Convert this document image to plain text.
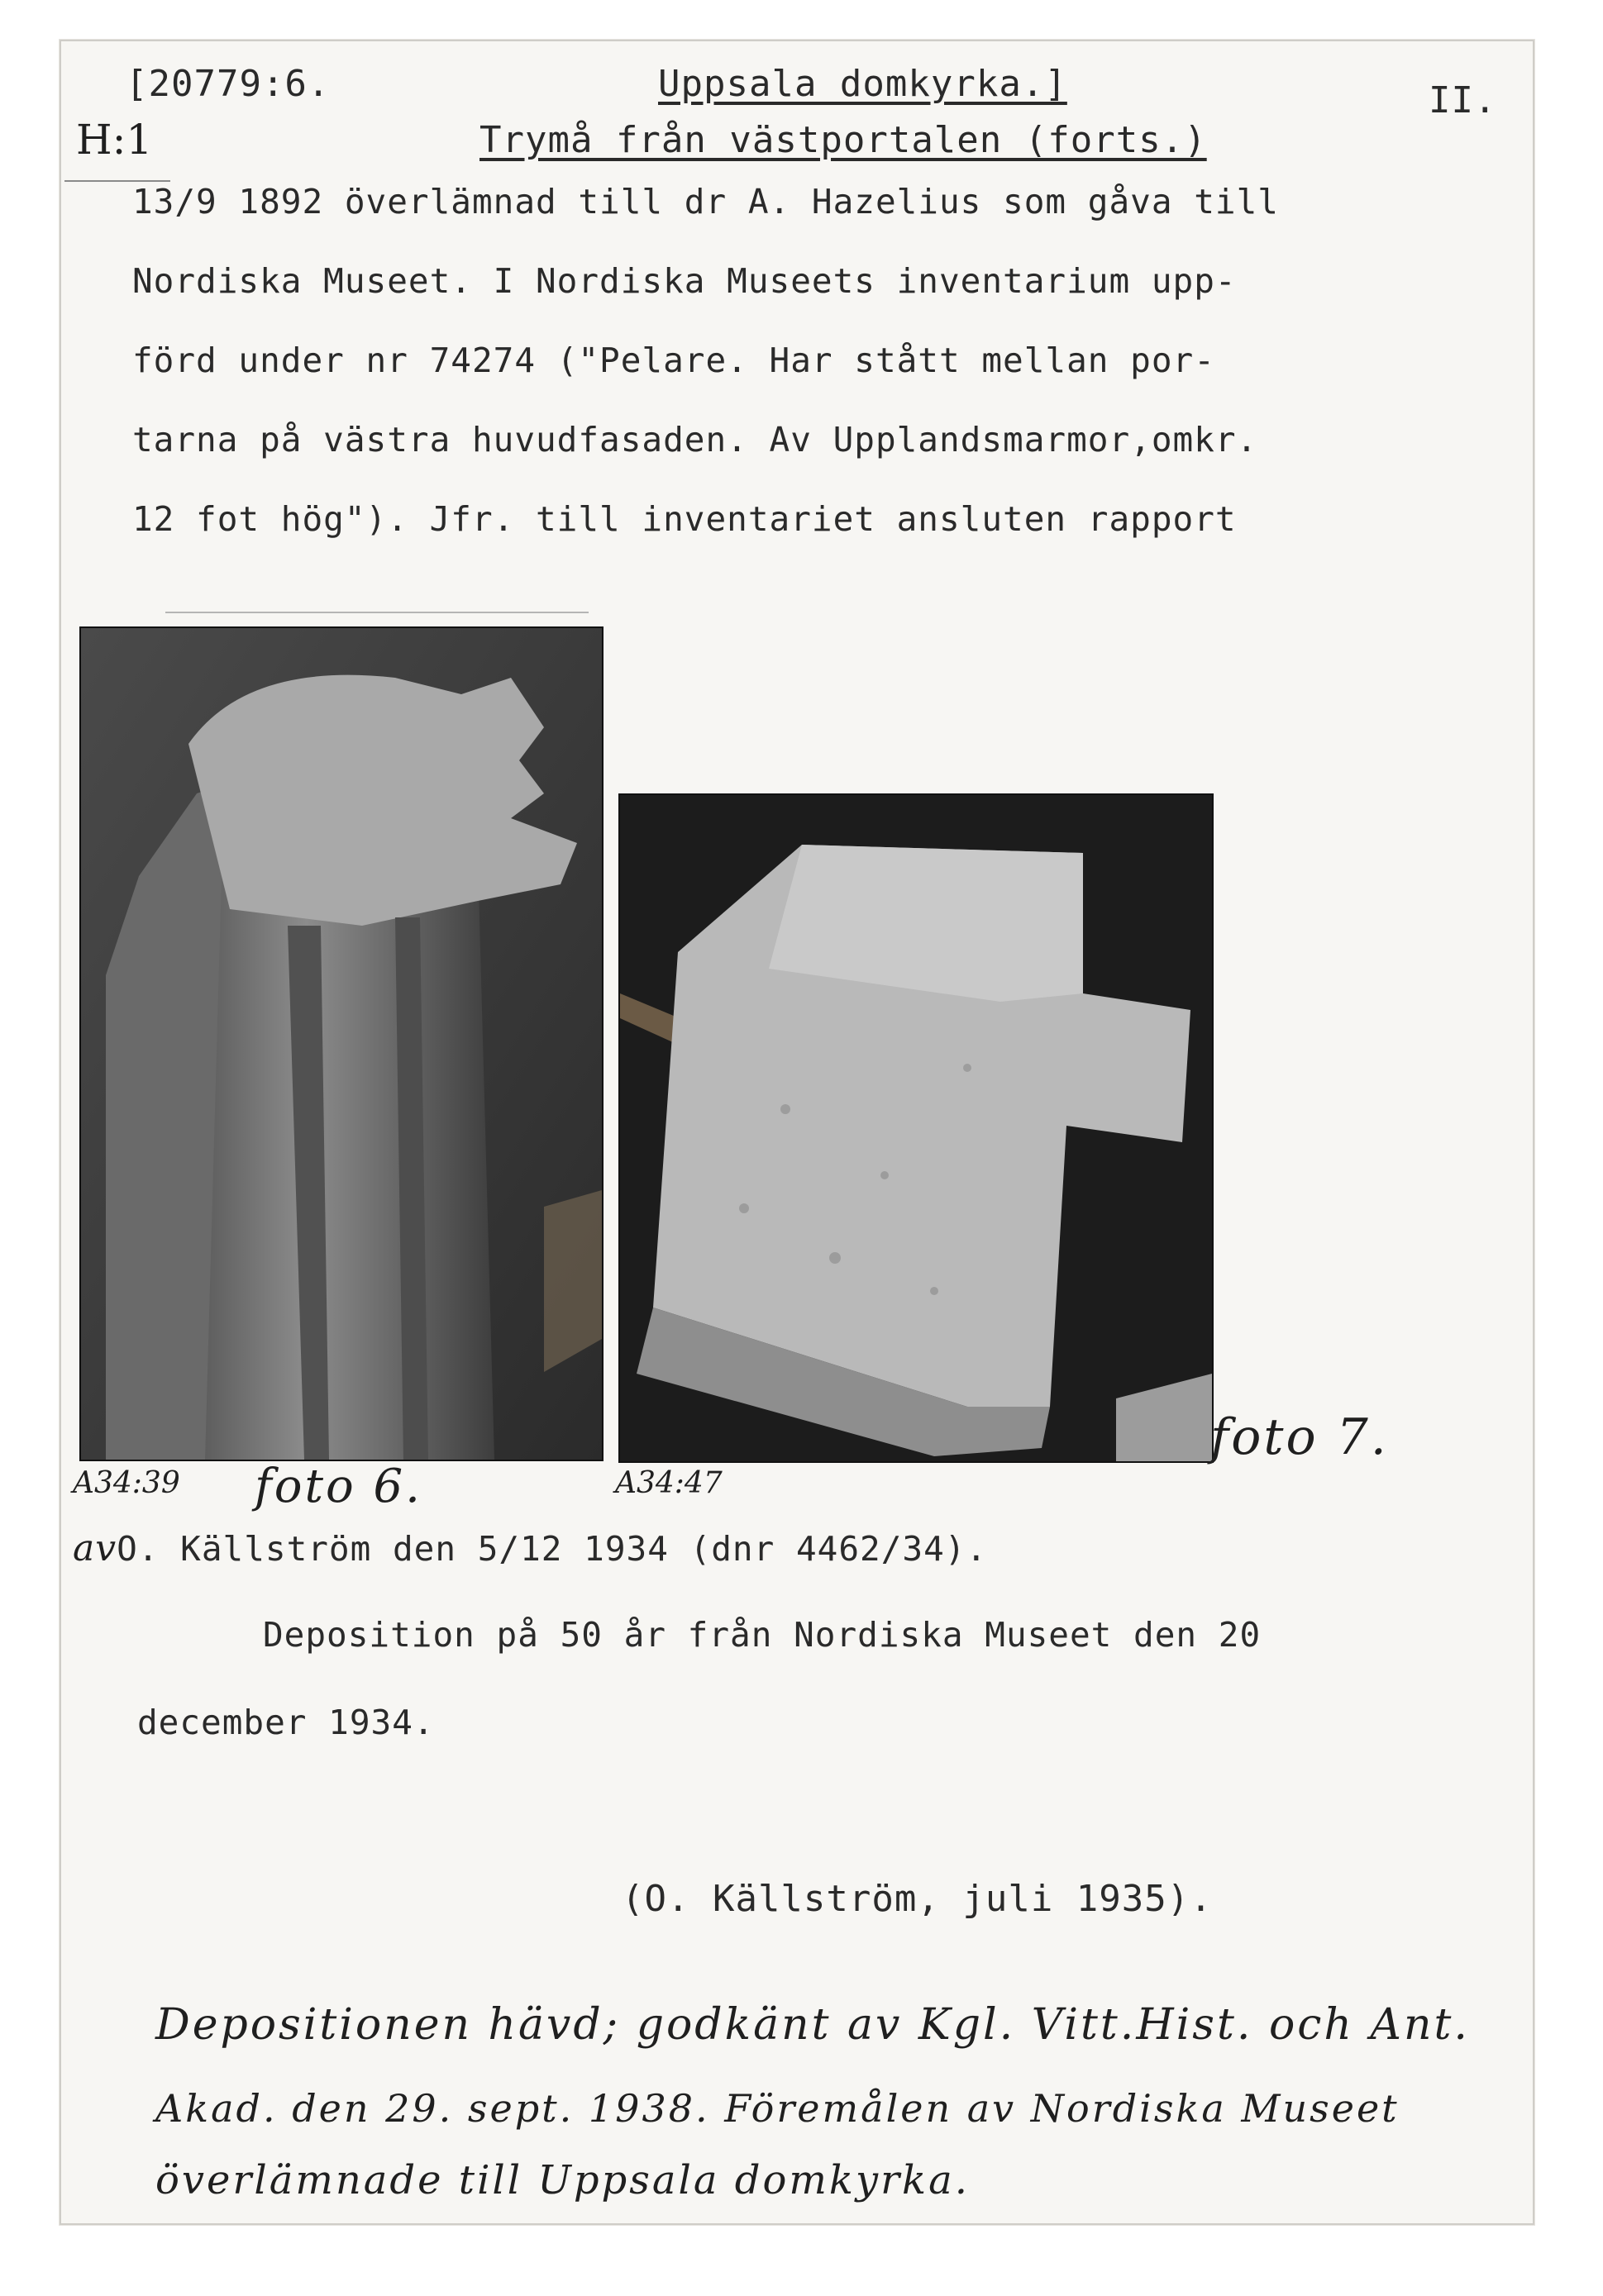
[20779:6.	Uppsala domkyrka.]	II.
H:1	Trymå från västportalen (forts.)
13/9 1892 överlämnad till dr A. Hazelius som gåva till
Nordiska Museet. I Nordiska Museets inventarium upp-
förd under nr 74274 ("Pelare. Har stått mellan por-
tarna på västra huvudfasaden. Av Upplandsmarmor,omkr.
12 fot hög"). Jfr. till inventariet ansluten rapport
A34:39 foto 6.	A34:47
foto 7.
avO. Källström den 5/12 1934 (dnr 4462/34).
Deposition på 50 år från Nordiska Museet den 20
december 1934.
(O. Källström, juli 1935).
Depositionen hävd; godkänt av Kgl. Vitt.Hist. och Ant.
Akad. den 29. sept. 1938. Föremålen av Nordiska Museet
överlämnade till Uppsala domkyrka.
